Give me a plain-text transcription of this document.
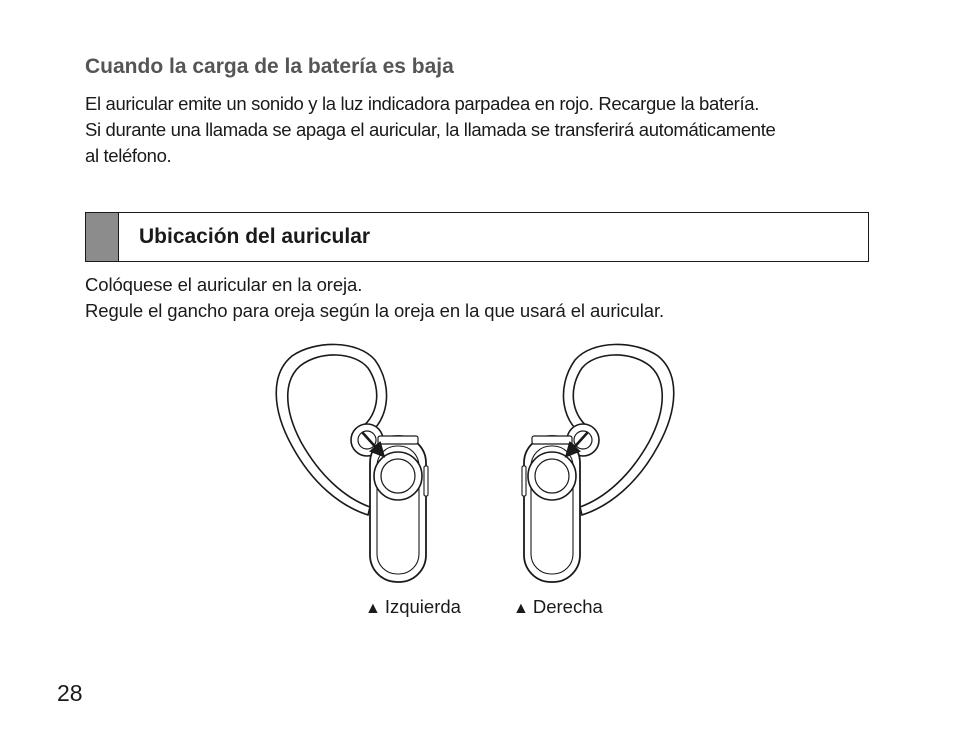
Cuando la carga de la batería es baja

El auricular emite un sonido y la luz indicadora parpadea en rojo. Recargue la batería.
Si durante una llamada se apaga el auricular, la llamada se transferirá automáticamente
al teléfono.

Ubicación del auricular

Colóquese el auricular en la oreja.
Regule el gancho para oreja según la oreja en la que usará el auricular.

▲ Izquierda	▲ Derecha
28
